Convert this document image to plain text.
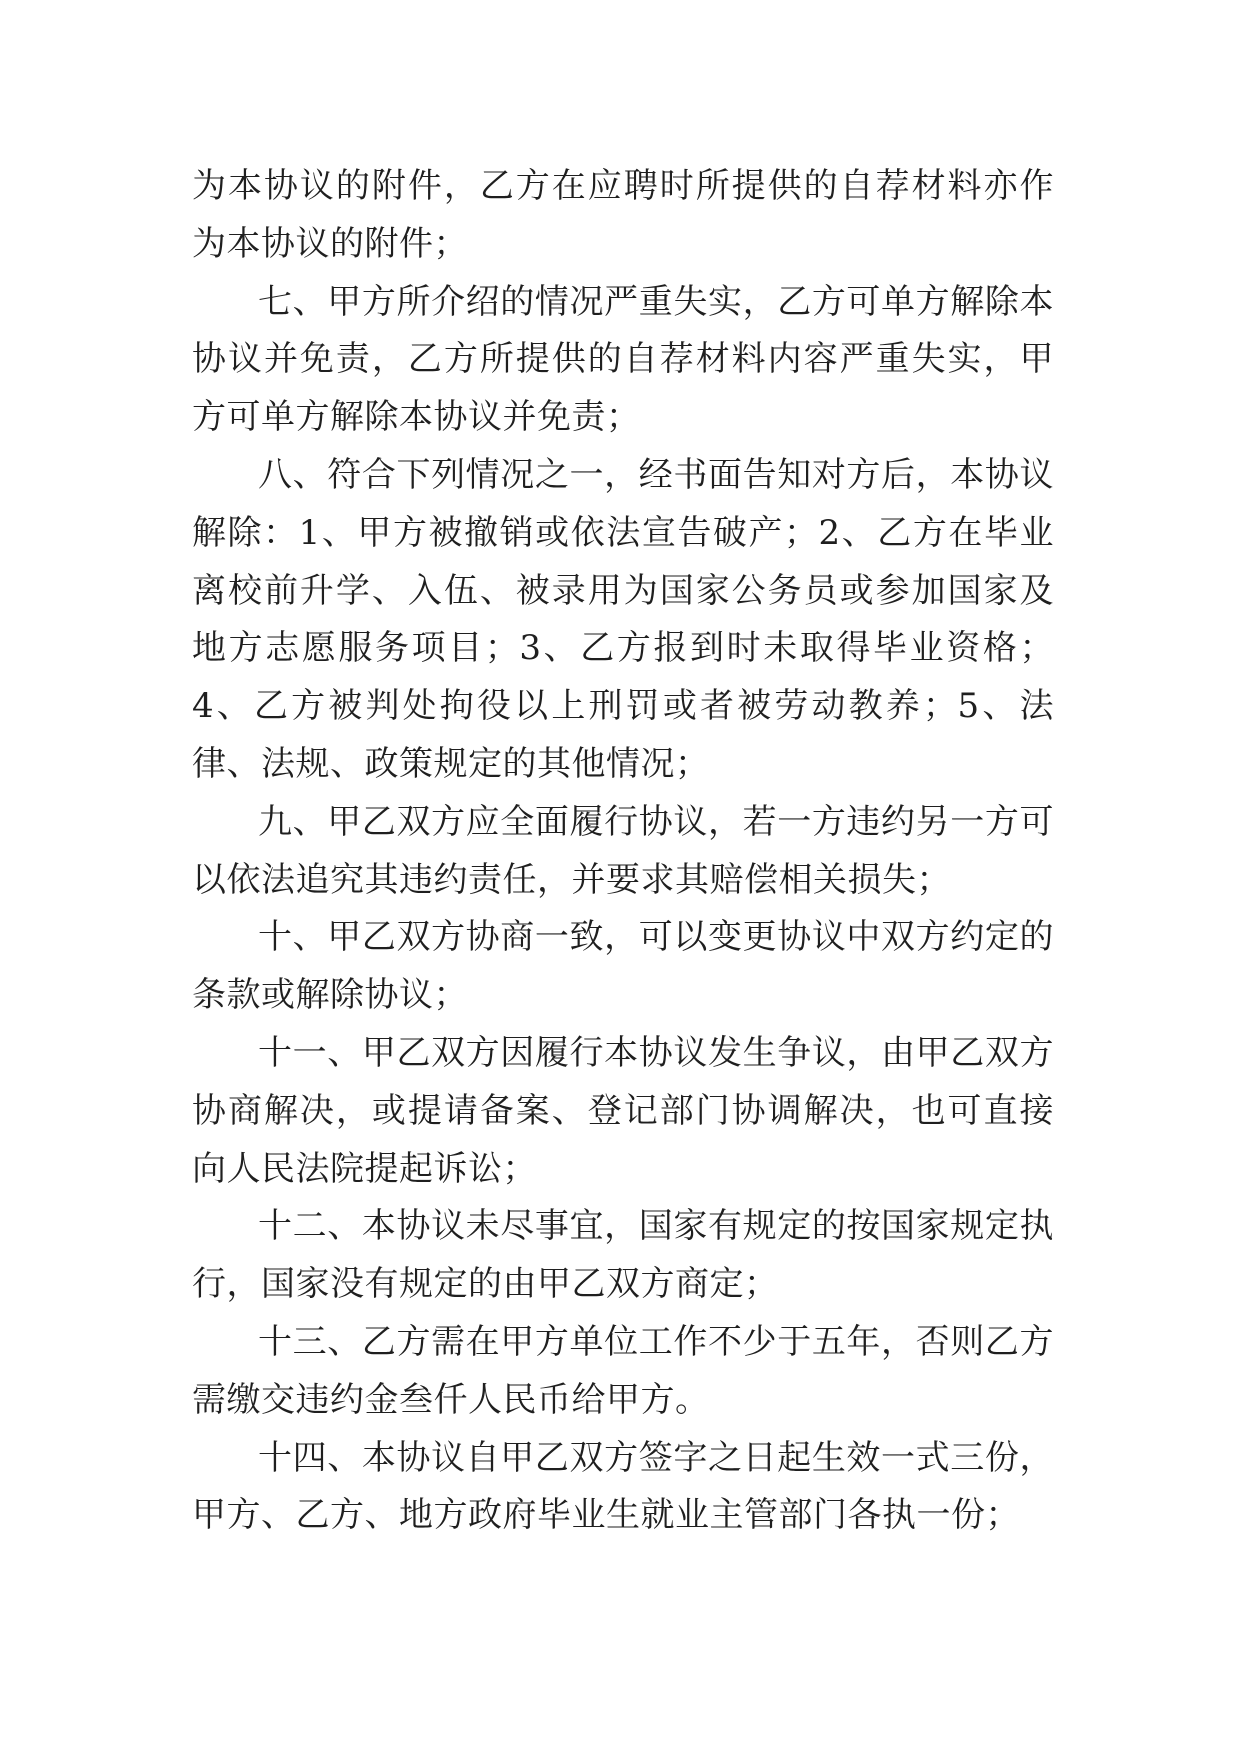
为本协议的附件，乙方在应聘时所提供的自荐材料亦作为本协议的附件；

七、甲方所介绍的情况严重失实，乙方可单方解除本协议并免责，乙方所提供的自荐材料内容严重失实，甲方可单方解除本协议并免责；

八、符合下列情况之一，经书面告知对方后，本协议解除：1、甲方被撤销或依法宣告破产；2、乙方在毕业离校前升学、入伍、被录用为国家公务员或参加国家及地方志愿服务项目；3、乙方报到时未取得毕业资格；4、乙方被判处拘役以上刑罚或者被劳动教养；5、法律、法规、政策规定的其他情况；

九、甲乙双方应全面履行协议，若一方违约另一方可以依法追究其违约责任，并要求其赔偿相关损失；

十、甲乙双方协商一致，可以变更协议中双方约定的条款或解除协议；

十一、甲乙双方因履行本协议发生争议，由甲乙双方协商解决，或提请备案、登记部门协调解决，也可直接向人民法院提起诉讼；

十二、本协议未尽事宜，国家有规定的按国家规定执行，国家没有规定的由甲乙双方商定；

十三、乙方需在甲方单位工作不少于五年，否则乙方需缴交违约金叁仟人民币给甲方。

十四、本协议自甲乙双方签字之日起生效一式三份，甲方、乙方、地方政府毕业生就业主管部门各执一份；
